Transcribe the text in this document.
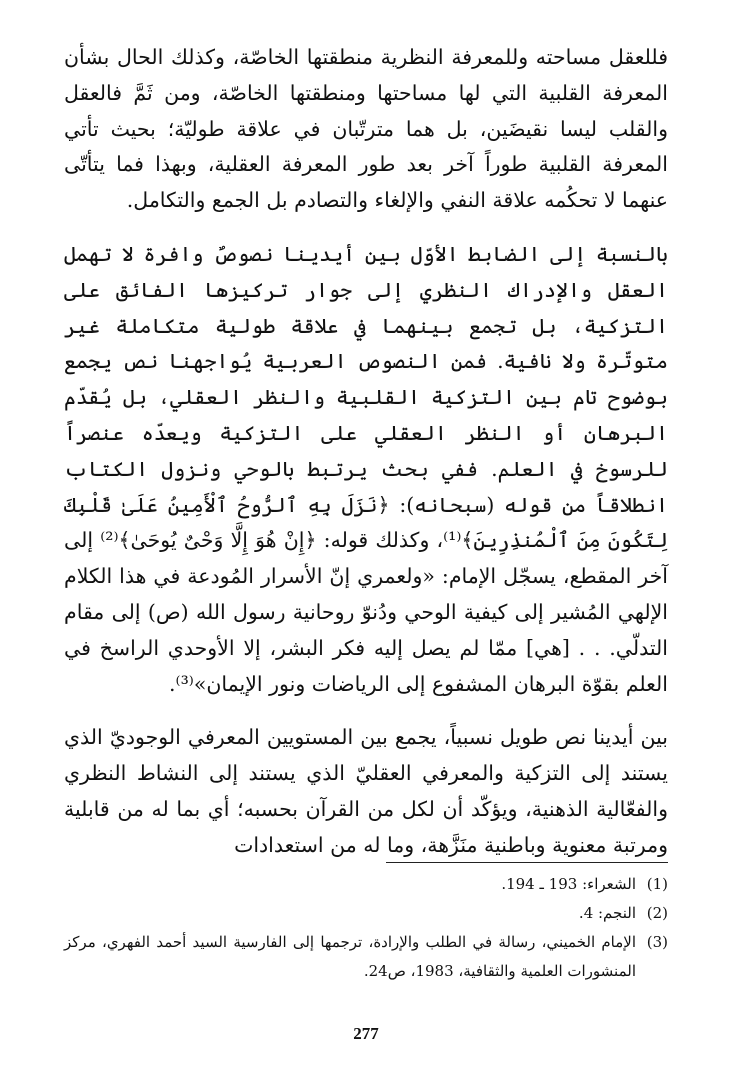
فللعقل مساحته وللمعرفة النظرية منطقتها الخاصّة، وكذلك الحال بشأن المعرفة القلبية التي لها مساحتها ومنطقتها الخاصّة، ومن ثَمَّ فالعقل والقلب ليسا نقيضَين، بل هما مترتّبان في علاقة طوليّة؛ بحيث تأتي المعرفة القلبية طوراً آخر بعد طور المعرفة العقلية، وبهذا فما يتأتّى عنهما لا تحكُمه علاقة النفي والإلغاء والتصادم بل الجمع والتكامل.

بالنسبة إلى الضابط الأوّل بين أيدينا نصوصٌ وافرة لا تهمل العقل والإدراك النظري إلى جوار تركيزها الفائق على التزكية، بل تجمع بينهما في علاقة طولية متكاملة غير متوتّرة ولا نافية. فمن النصوص العربية يُواجهنا نص يجمع بوضوح تام بين التزكية القلبية والنظر العقلي، بل يُقدّم البرهان أو النظر العقلي على التزكية ويعدّه عنصراً للرسوخ في العلم. ففي بحث يرتبط بالوحي ونزول الكتاب انطلاقاً من قوله (سبحانه): ﴿نَزَلَ بِهِ ٱلرُّوحُ ٱلْأَمِينُ عَلَىٰ قَلْبِكَ لِتَكُونَ مِنَ ٱلْمُنذِرِينَ﴾⁽¹⁾، وكذلك قوله: ﴿إِنْ هُوَ إِلَّا وَحْىٌ يُوحَىٰ﴾⁽²⁾ إلى آخر المقطع، يسجّل الإمام: «ولعمري إنّ الأسرار المُودعة في هذا الكلام الإلهي المُشير إلى كيفية الوحي ودُنوّ روحانية رسول الله (ص) إلى مقام التدلّي. . . [هي] ممّا لم يصل إليه فكر البشر، إلا الأوحدي الراسخ في العلم بقوّة البرهان المشفوع إلى الرياضات ونور الإيمان»⁽³⁾.

بين أيدينا نص طويل نسبياً، يجمع بين المستويين المعرفي الوجوديّ الذي يستند إلى التزكية والمعرفي العقليّ الذي يستند إلى النشاط النظري والفعّالية الذهنية، ويؤكّد أن لكل من القرآن بحسبه؛ أي بما له من قابلية ومرتبة معنوية وباطنية منَزَّهة، وما له من استعدادات

(1)
الشعراء: 193 ـ 194.
(2)
النجم: 4.
(3)
الإمام الخميني، رسالة في الطلب والإرادة، ترجمها إلى الفارسية السيد أحمد الفهري، مركز المنشورات العلمية والثقافية، 1983، ص24.
277
